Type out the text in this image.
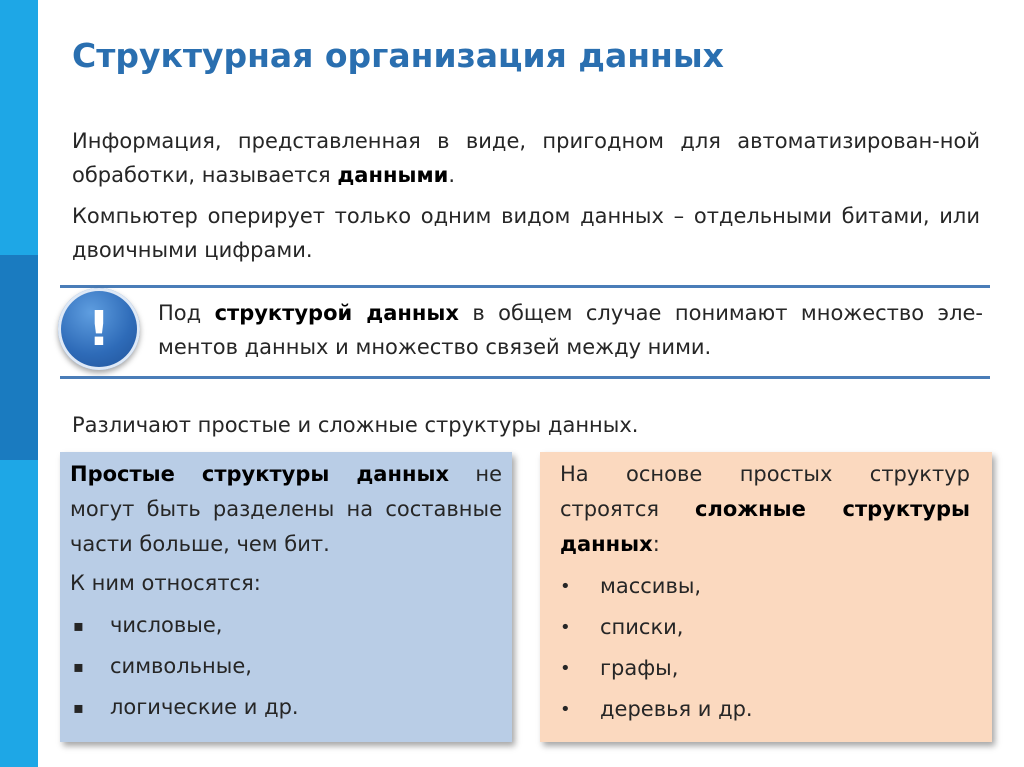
Структурная организация данных

Информация, представленная в виде, пригодном для автоматизирован-ной обработки, называется данными.

Компьютер оперирует только одним видом данных – отдельными битами, или двоичными цифрами.

!	Под структурой данных в общем случае понимают множество эле-ментов данных и множество связей между ними.

Различают простые и сложные структуры данных.

Простые структуры данных не могут быть разделены на составные части больше, чем бит.

К ним относятся:

▪ числовые,
▪ символьные,
▪ логические и др.

На основе простых структур строятся сложные структуры данных:

• массивы,
• списки,
• графы,
• деревья и др.
